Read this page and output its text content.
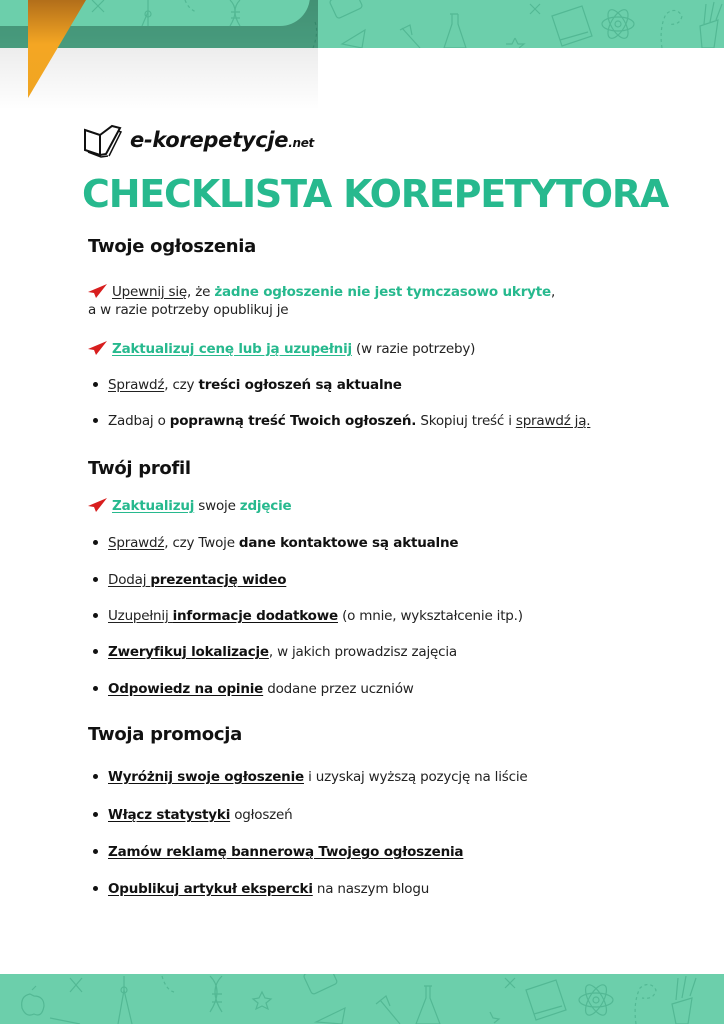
e-korepetycje.net
CHECKLISTA KOREPETYTORA
Twoje ogłoszenia
Upewnij się, że żadne ogłoszenie nie jest tymczasowo ukryte,
a w razie potrzeby opublikuj je
Zaktualizuj cenę lub ją uzupełnij (w razie potrzeby)
Sprawdź, czy treści ogłoszeń są aktualne
Zadbaj o poprawną treść Twoich ogłoszeń. Skopiuj treść i sprawdź ją.
Twój profil
Zaktualizuj swoje zdjęcie
Sprawdź, czy Twoje dane kontaktowe są aktualne
Dodaj prezentację wideo
Uzupełnij informacje dodatkowe (o mnie, wykształcenie itp.)
Zweryfikuj lokalizacje, w jakich prowadzisz zajęcia
Odpowiedz na opinie dodane przez uczniów
Twoja promocja
Wyróżnij swoje ogłoszenie i uzyskaj wyższą pozycję na liście
Włącz statystyki ogłoszeń
Zamów reklamę bannerową Twojego ogłoszenia
Opublikuj artykuł ekspercki na naszym blogu
